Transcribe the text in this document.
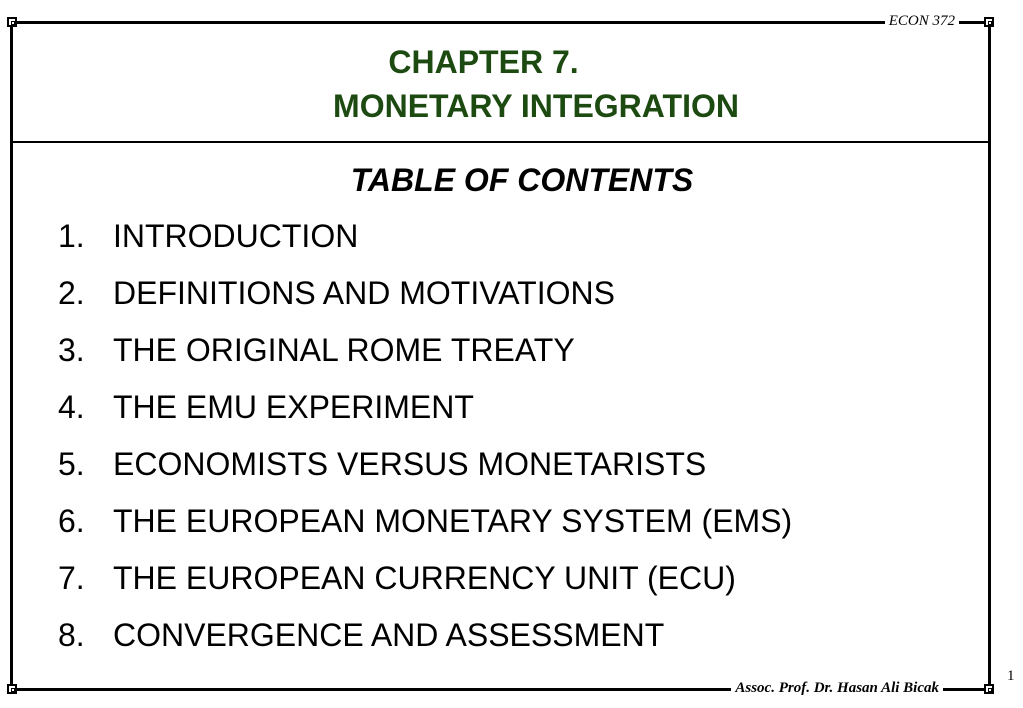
ECON 372
CHAPTER 7.
MONETARY INTEGRATION
TABLE OF CONTENTS
1. INTRODUCTION
2. DEFINITIONS AND MOTIVATIONS
3. THE ORIGINAL ROME TREATY
4. THE EMU EXPERIMENT
5. ECONOMISTS VERSUS MONETARISTS
6. THE EUROPEAN MONETARY SYSTEM (EMS)
7. THE EUROPEAN CURRENCY UNIT (ECU)
8. CONVERGENCE AND ASSESSMENT
Assoc. Prof. Dr. Hasan Ali Bicak
1
